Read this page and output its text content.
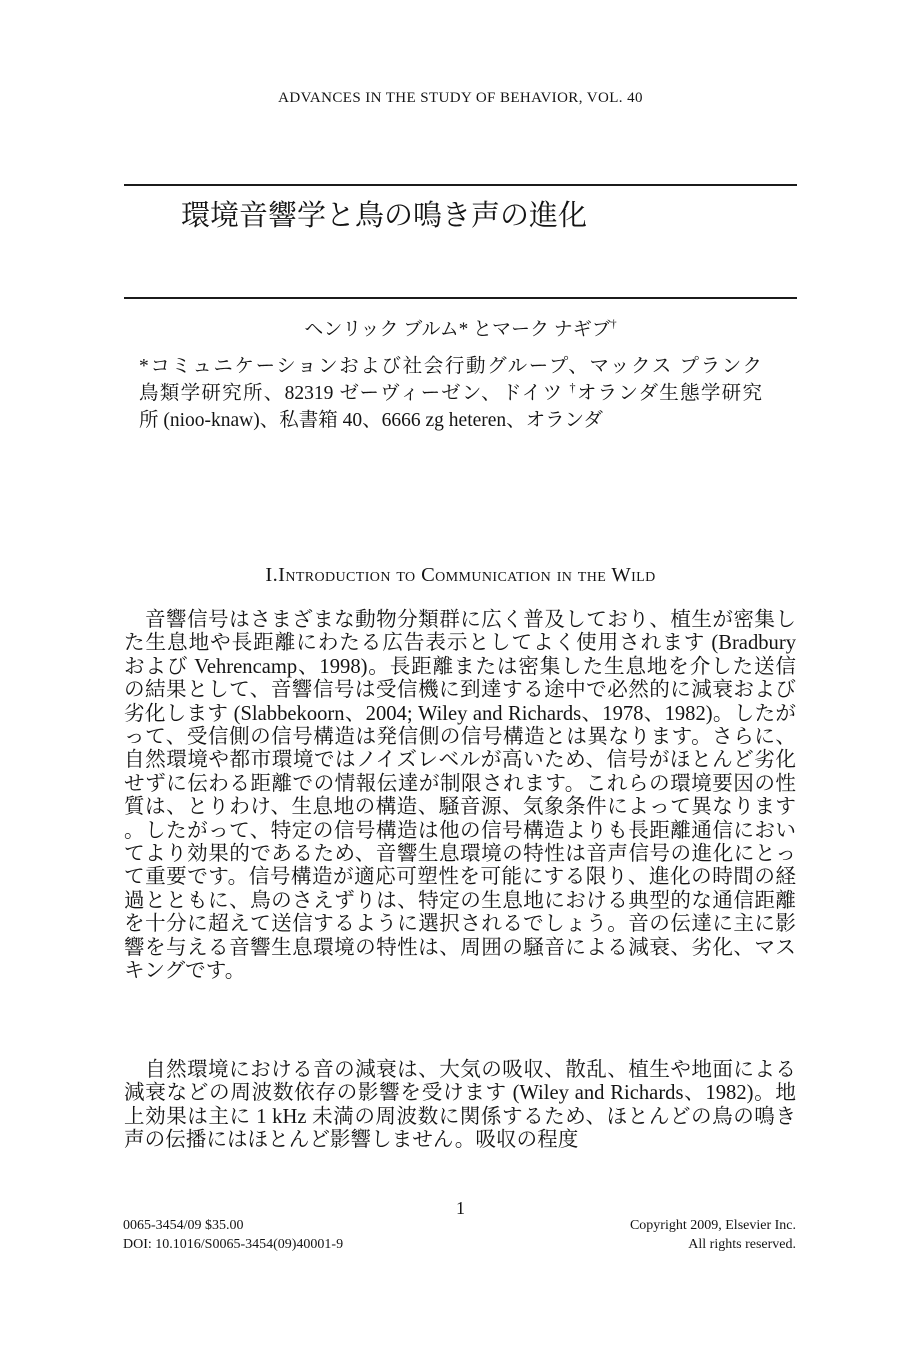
ADVANCES IN THE STUDY OF BEHAVIOR, VOL. 40
環境音響学と鳥の鳴き声の進化
ヘンリック ブルム* とマーク ナギブ†
*コミュニケーションおよび社会行動グループ、マックス プランク
鳥類学研究所、82319 ゼーヴィーゼン、ドイツ †オランダ生態学研究
所 (nioo-knaw)、私書箱 40、6666 zg heteren、オランダ
I.Introduction to Communication in the Wild
　音響信号はさまざまな動物分類群に広く普及しており、植生が密集し
た生息地や長距離にわたる広告表示としてよく使用されます (Bradbury
および Vehrencamp、1998)。長距離または密集した生息地を介した送信
の結果として、音響信号は受信機に到達する途中で必然的に減衰および
劣化します (Slabbekoorn、2004; Wiley and Richards、1978、1982)。したが
って、受信側の信号構造は発信側の信号構造とは異なります。さらに、
自然環境や都市環境ではノイズレベルが高いため、信号がほとんど劣化
せずに伝わる距離での情報伝達が制限されます。これらの環境要因の性
質は、とりわけ、生息地の構造、騒音源、気象条件によって異なります
。したがって、特定の信号構造は他の信号構造よりも長距離通信におい
てより効果的であるため、音響生息環境の特性は音声信号の進化にとっ
て重要です。信号構造が適応可塑性を可能にする限り、進化の時間の経
過とともに、鳥のさえずりは、特定の生息地における典型的な通信距離
を十分に超えて送信するように選択されるでしょう。音の伝達に主に影
響を与える音響生息環境の特性は、周囲の騒音による減衰、劣化、マス
キングです。
　自然環境における音の減衰は、大気の吸収、散乱、植生や地面による
減衰などの周波数依存の影響を受けます (Wiley and Richards、1982)。地
上効果は主に 1 kHz 未満の周波数に関係するため、ほとんどの鳥の鳴き
声の伝播にはほとんど影響しません。吸収の程度
1
0065-3454/09 $35.00
DOI: 10.1016/S0065-3454(09)40001-9
Copyright 2009, Elsevier Inc.
All rights reserved.
